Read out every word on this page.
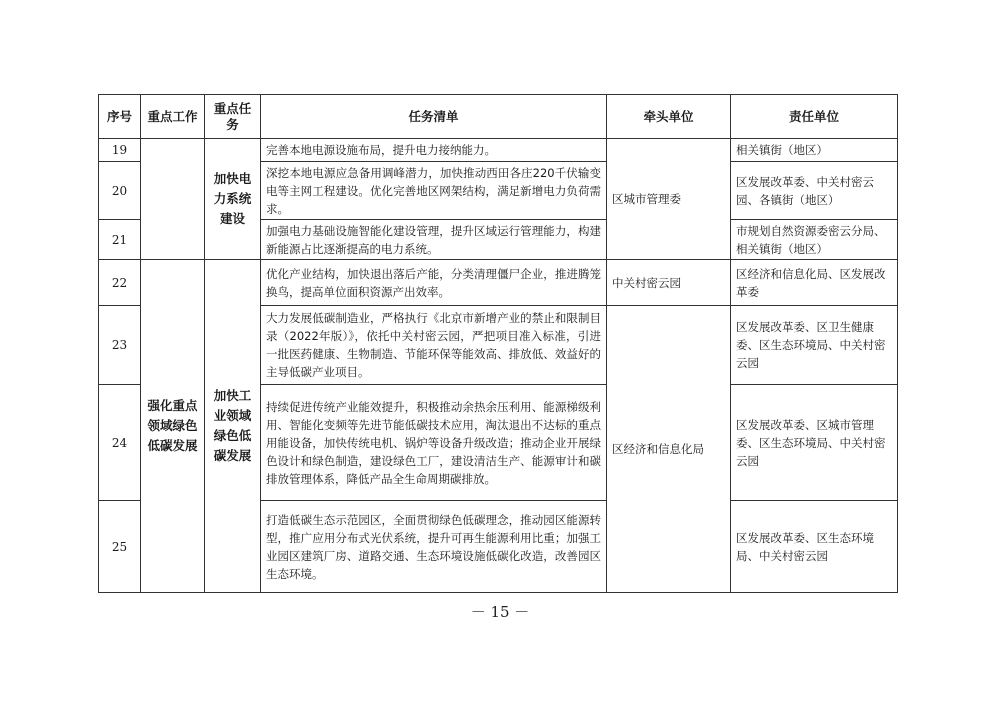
序号	重点工作	重点任务	任务清单	牵头单位	责任单位
19		加快电力系统建设	完善本地电源设施布局，提升电力接纳能力。	区城市管理委	相关镇街（地区）
20			深挖本地电源应急备用调峰潜力，加快推动西田各庄220千伏输变电等主网工程建设。优化完善地区网架结构，满足新增电力负荷需求。		区发展改革委、中关村密云园、各镇街（地区）
21			加强电力基础设施智能化建设管理，提升区域运行管理能力，构建新能源占比逐渐提高的电力系统。		市规划自然资源委密云分局、相关镇街（地区）
22	强化重点领域绿色低碳发展	加快工业领域绿色低碳发展	优化产业结构，加快退出落后产能，分类清理僵尸企业，推进腾笼换鸟，提高单位面积资源产出效率。	中关村密云园	区经济和信息化局、区发展改革委
23			大力发展低碳制造业，严格执行《北京市新增产业的禁止和限制目录（2022年版）》，依托中关村密云园，严把项目准入标准，引进一批医药健康、生物制造、节能环保等能效高、排放低、效益好的主导低碳产业项目。	区经济和信息化局	区发展改革委、区卫生健康委、区生态环境局、中关村密云园
24			持续促进传统产业能效提升，积极推动余热余压利用、能源梯级利用、智能化变频等先进节能低碳技术应用，淘汰退出不达标的重点用能设备，加快传统电机、锅炉等设备升级改造；推动企业开展绿色设计和绿色制造，建设绿色工厂，建设清洁生产、能源审计和碳排放管理体系，降低产品全生命周期碳排放。		区发展改革委、区城市管理委、区生态环境局、中关村密云园
25			打造低碳生态示范园区，全面贯彻绿色低碳理念，推动园区能源转型，推广应用分布式光伏系统，提升可再生能源利用比重；加强工业园区建筑厂房、道路交通、生态环境设施低碳化改造，改善园区生态环境。		区发展改革委、区生态环境局、中关村密云园
－ 15 －
